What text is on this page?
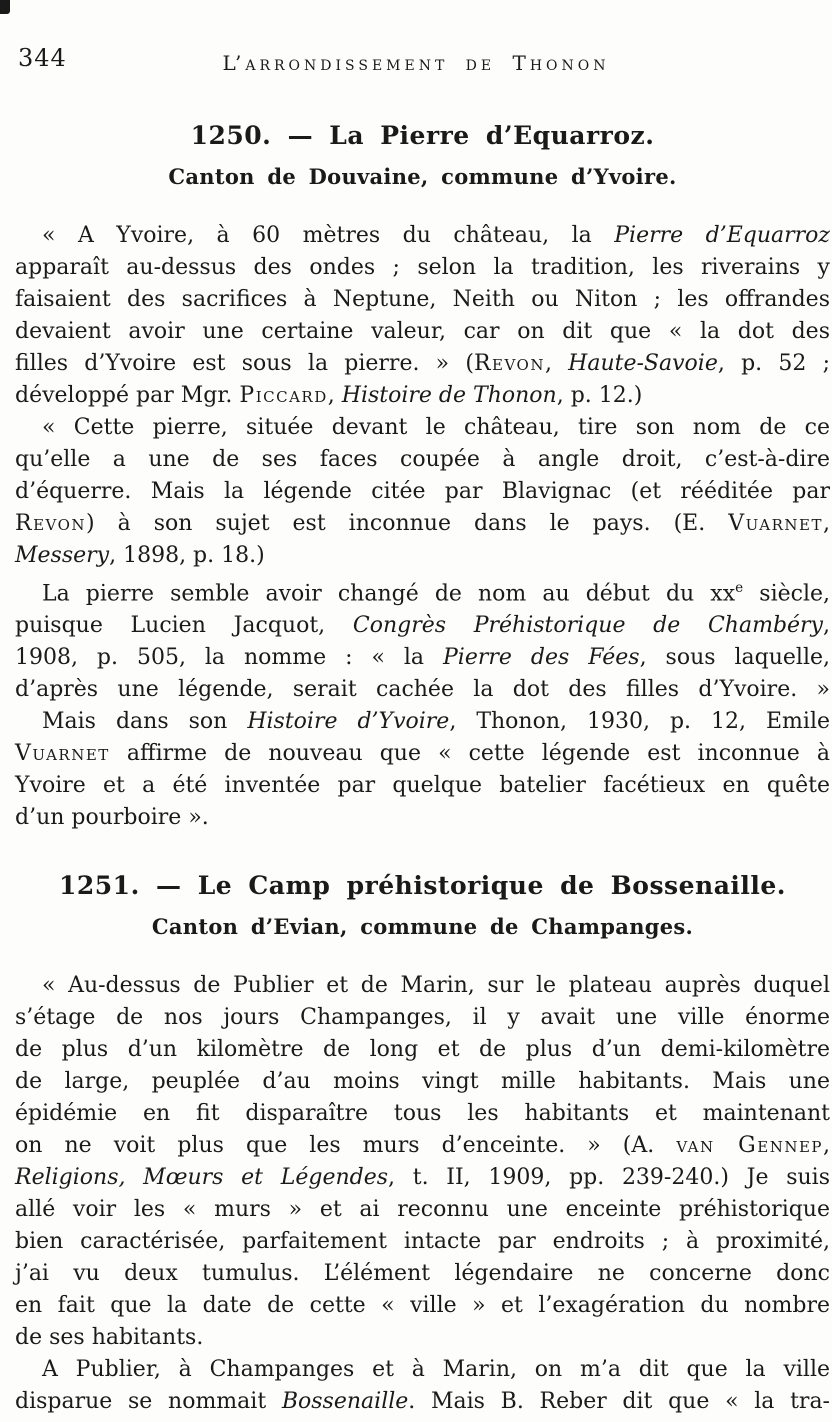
344	L’arrondissement de Thonon
1250. — La Pierre d’Equarroz.
Canton de Douvaine, commune d’Yvoire.
« A Yvoire, à 60 mètres du château, la Pierre d’Equarroz
apparaît au-dessus des ondes ; selon la tradition, les riverains y
faisaient des sacrifices à Neptune, Neith ou Niton ; les offrandes
devaient avoir une certaine valeur, car on dit que « la dot des
filles d’Yvoire est sous la pierre. » (Revon, Haute-Savoie, p. 52 ;
développé par Mgr. Piccard, Histoire de Thonon, p. 12.)
« Cette pierre, située devant le château, tire son nom de ce
qu’elle a une de ses faces coupée à angle droit, c’est-à-dire
d’équerre. Mais la légende citée par Blavignac (et rééditée par
Revon) à son sujet est inconnue dans le pays. (E. Vuarnet,
Messery, 1898, p. 18.)
La pierre semble avoir changé de nom au début du $xx^e$ siècle,
puisque Lucien Jacquot, Congrès Préhistorique de Chambéry,
1908, p. 505, la nomme : « la Pierre des Fées, sous laquelle,
d’après une légende, serait cachée la dot des filles d’Yvoire. »
Mais dans son Histoire d’Yvoire, Thonon, 1930, p. 12, Emile
Vuarnet affirme de nouveau que « cette légende est inconnue à
Yvoire et a été inventée par quelque batelier facétieux en quête
d’un pourboire ».
1251. — Le Camp préhistorique de Bossenaille.
Canton d’Evian, commune de Champanges.
« Au-dessus de Publier et de Marin, sur le plateau auprès duquel
s’étage de nos jours Champanges, il y avait une ville énorme
de plus d’un kilomètre de long et de plus d’un demi-kilomètre
de large, peuplée d’au moins vingt mille habitants. Mais une
épidémie en fit disparaître tous les habitants et maintenant
on ne voit plus que les murs d’enceinte. » (A. van Gennep,
Religions, Mœurs et Légendes, t. II, 1909, pp. 239-240.) Je suis
allé voir les « murs » et ai reconnu une enceinte préhistorique
bien caractérisée, parfaitement intacte par endroits ; à proximité,
j’ai vu deux tumulus. L’élément légendaire ne concerne donc
en fait que la date de cette « ville » et l’exagération du nombre
de ses habitants.
A Publier, à Champanges et à Marin, on m’a dit que la ville
disparue se nommait Bossenaille. Mais B. Reber dit que « la tra-
